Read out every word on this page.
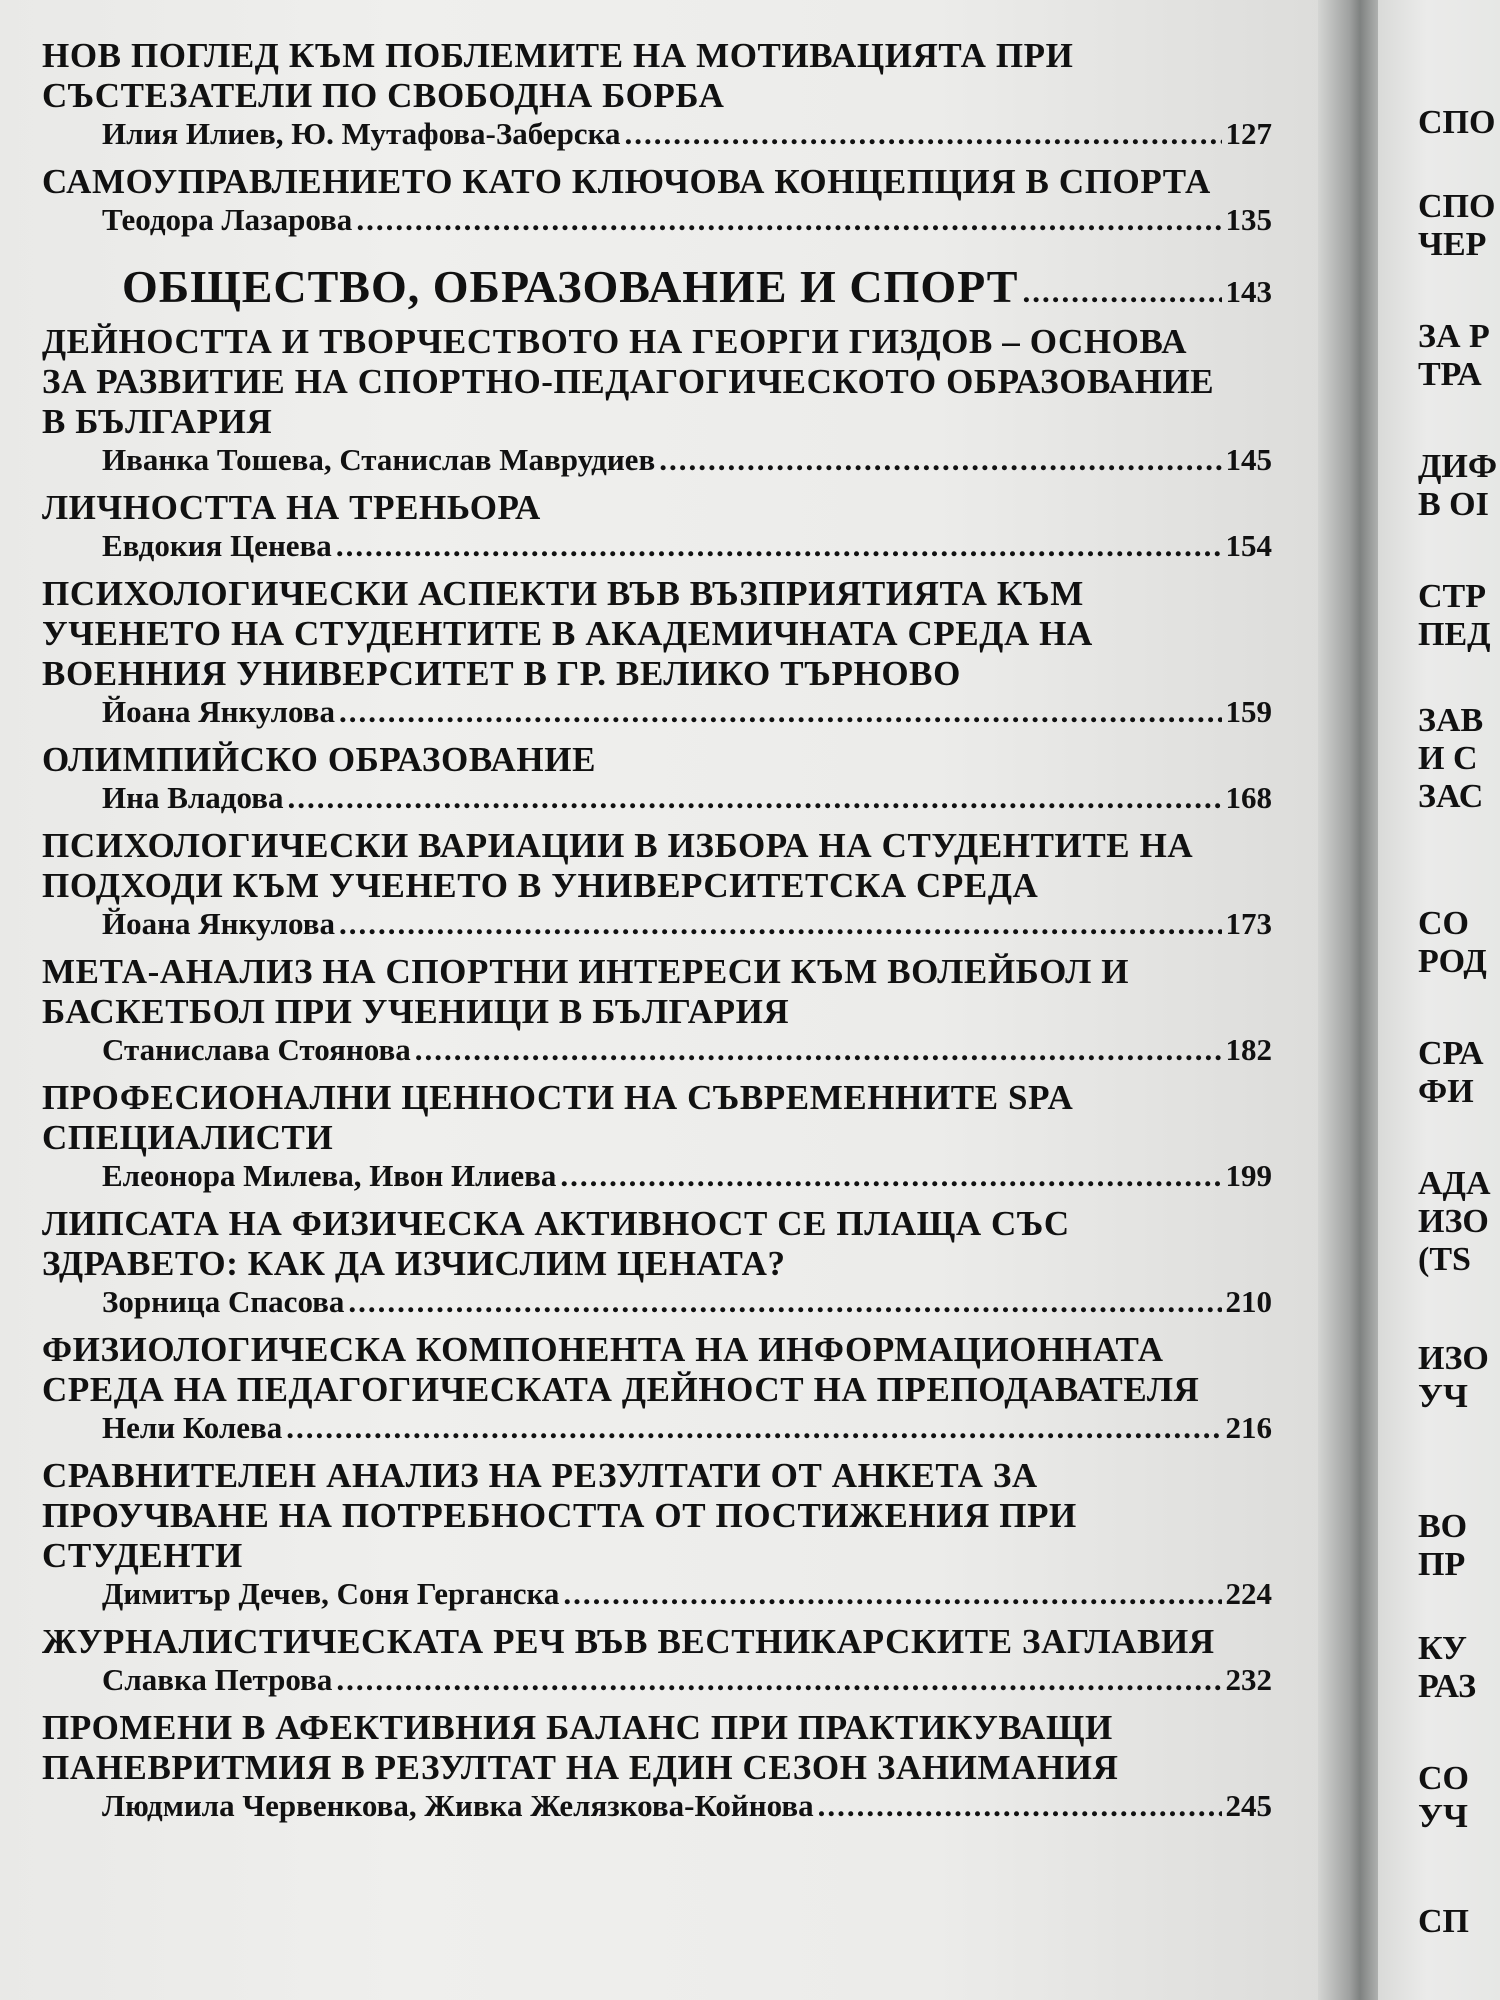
НОВ ПОГЛЕД КЪМ ПОБЛЕМИТЕ НА МОТИВАЦИЯТА ПРИ
СЪСТЕЗАТЕЛИ ПО СВОБОДНА БОРБА
Илия Илиев, Ю. Мутафова-Заберска .....	127
САМОУПРАВЛЕНИЕТО КАТО КЛЮЧОВА КОНЦЕПЦИЯ В СПОРТА
Теодора Лазарова .....	135
ОБЩЕСТВО, ОБРАЗОВАНИЕ И СПОРТ .....	143
ДЕЙНОСТТА И ТВОРЧЕСТВОТО НА ГЕОРГИ ГИЗДОВ – ОСНОВА
ЗА РАЗВИТИЕ НА СПОРТНО-ПЕДАГОГИЧЕСКОТО ОБРАЗОВАНИЕ
В БЪЛГАРИЯ
Иванка Тошева, Станислав Маврудиев .....	145
ЛИЧНОСТТА НА ТРЕНЬОРА
Евдокия Ценева .....	154
ПСИХОЛОГИЧЕСКИ АСПЕКТИ ВЪВ ВЪЗПРИЯТИЯТА КЪМ
УЧЕНЕТО НА СТУДЕНТИТЕ В АКАДЕМИЧНАТА СРЕДА НА
ВОЕННИЯ УНИВЕРСИТЕТ В ГР. ВЕЛИКО ТЪРНОВО
Йоана Янкулова .....	159
ОЛИМПИЙСКО ОБРАЗОВАНИЕ
Ина Владова .....	168
ПСИХОЛОГИЧЕСКИ ВАРИАЦИИ В ИЗБОРА НА СТУДЕНТИТЕ НА
ПОДХОДИ КЪМ УЧЕНЕТО В УНИВЕРСИТЕТСКА СРЕДА
Йоана Янкулова .....	173
МЕТА-АНАЛИЗ НА СПОРТНИ ИНТЕРЕСИ КЪМ ВОЛЕЙБОЛ И
БАСКЕТБОЛ ПРИ УЧЕНИЦИ В БЪЛГАРИЯ
Станислава Стоянова .....	182
ПРОФЕСИОНАЛНИ ЦЕННОСТИ НА СЪВРЕМЕННИТЕ SPA
СПЕЦИАЛИСТИ
Елеонора Милева, Ивон Илиева .....	199
ЛИПСАТА НА ФИЗИЧЕСКА АКТИВНОСТ СЕ ПЛАЩА СЪС
ЗДРАВЕТО: КАК ДА ИЗЧИСЛИМ ЦЕНАТА?
Зорница Спасова .....	210
ФИЗИОЛОГИЧЕСКА КОМПОНЕНТА НА ИНФОРМАЦИОННАТА
СРЕДА НА ПЕДАГОГИЧЕСКАТА ДЕЙНОСТ НА ПРЕПОДАВАТЕЛЯ
Нели Колева .....	216
СРАВНИТЕЛЕН АНАЛИЗ НА РЕЗУЛТАТИ ОТ АНКЕТА ЗА
ПРОУЧВАНЕ НА ПОТРЕБНОСТТА ОТ ПОСТИЖЕНИЯ ПРИ
СТУДЕНТИ
Димитър Дечев, Соня Герганска .....	224
ЖУРНАЛИСТИЧЕСКАТА РЕЧ ВЪВ ВЕСТНИКАРСКИТЕ ЗАГЛАВИЯ
Славка Петрова .....	232
ПРОМЕНИ В АФЕКТИВНИЯ БАЛАНС ПРИ ПРАКТИКУВАЩИ
ПАНЕВРИТМИЯ В РЕЗУЛТАТ НА ЕДИН СЕЗОН ЗАНИМАНИЯ
Людмила Червенкова, Живка Желязкова-Койнова .....	245
СПО
СПО
ЧЕР
ЗА Р
ТРА
ДИФ
В ОІ
СТР
ПЕД
ЗАВ
И С
ЗАС
СО
РОД
СРА
ФИ
АДА
ИЗО
(TS
ИЗО
УЧ
ВО
ПР
КУ
РАЗ
СО
УЧ
СП
